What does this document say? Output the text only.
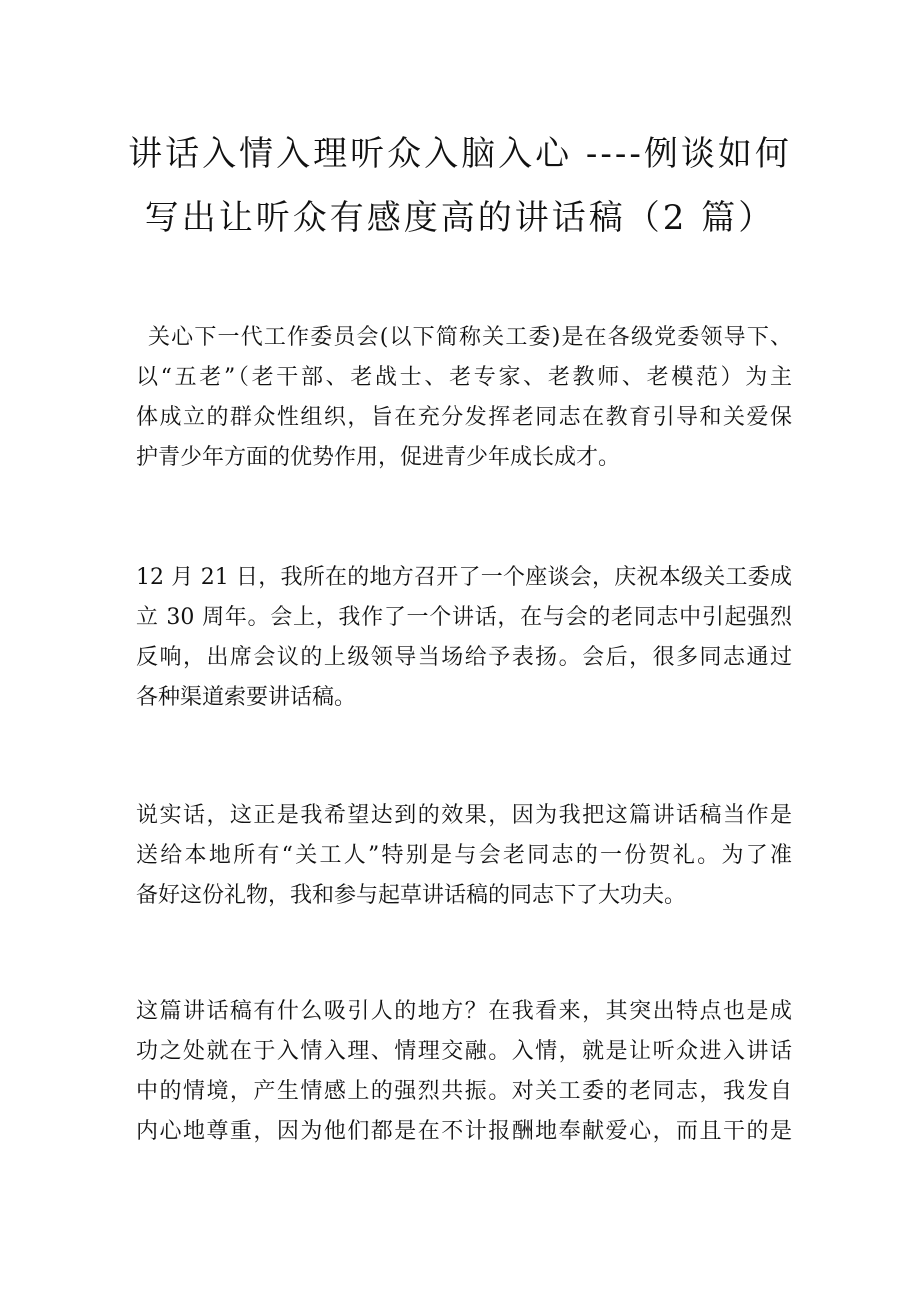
讲话入情入理听众入脑入心 ----例谈如何
写出让听众有感度高的讲话稿（2 篇）
关心下一代工作委员会(以下简称关工委)是在各级党委领导下、
以“五老”（老干部、老战士、老专家、老教师、老模范）为主
体成立的群众性组织，旨在充分发挥老同志在教育引导和关爱保
护青少年方面的优势作用，促进青少年成长成才。
12 月 21 日，我所在的地方召开了一个座谈会，庆祝本级关工委成
立 30 周年。会上，我作了一个讲话，在与会的老同志中引起强烈
反响，出席会议的上级领导当场给予表扬。会后，很多同志通过
各种渠道索要讲话稿。
说实话，这正是我希望达到的效果，因为我把这篇讲话稿当作是
送给本地所有“关工人”特别是与会老同志的一份贺礼。为了准
备好这份礼物，我和参与起草讲话稿的同志下了大功夫。
这篇讲话稿有什么吸引人的地方？在我看来，其突出特点也是成
功之处就在于入情入理、情理交融。入情，就是让听众进入讲话
中的情境，产生情感上的强烈共振。对关工委的老同志，我发自
内心地尊重，因为他们都是在不计报酬地奉献爱心，而且干的是
